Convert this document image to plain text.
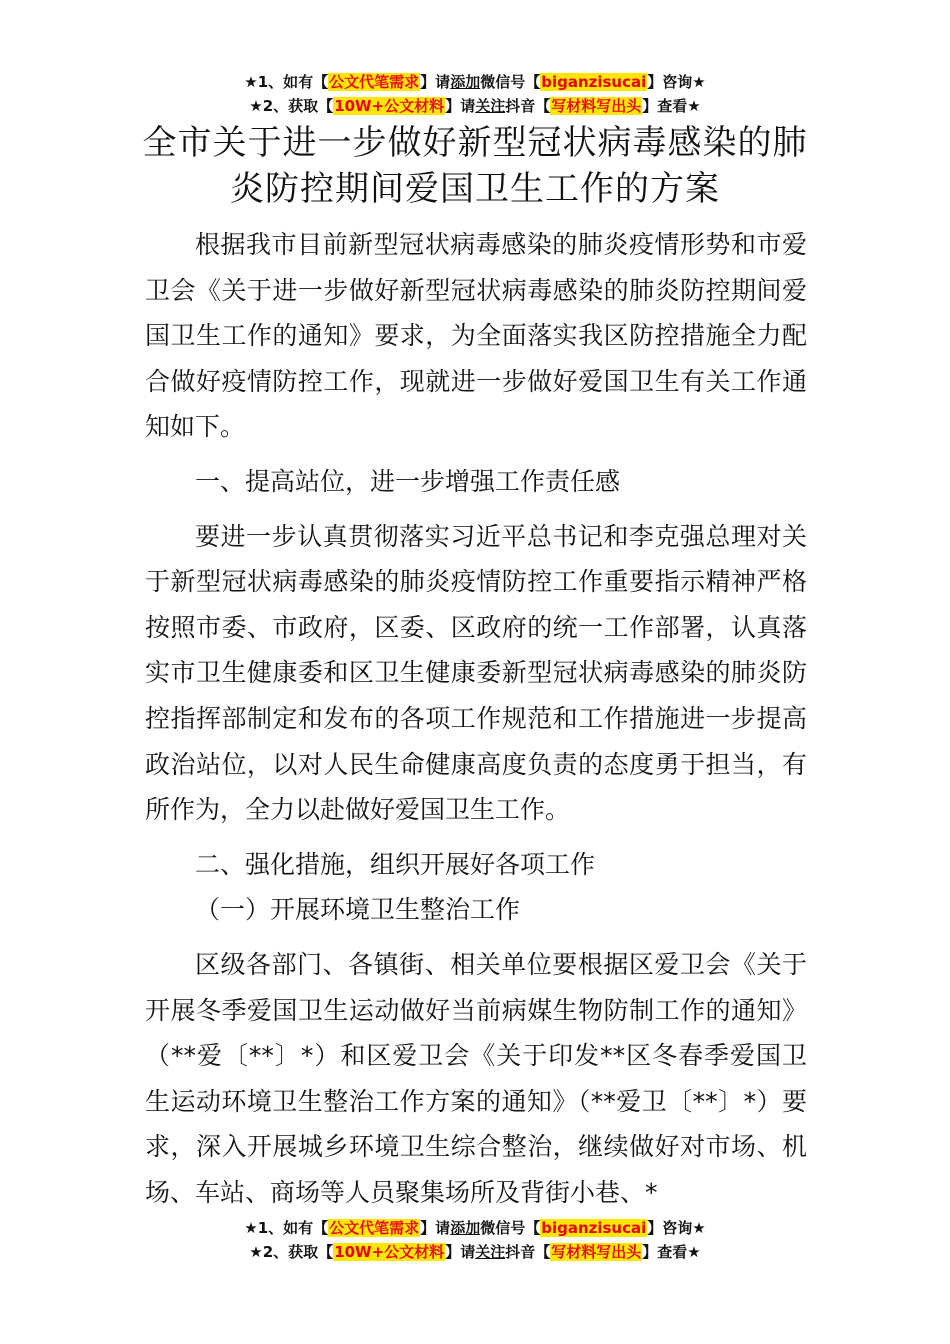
★1、如有【公文代笔需求】请添加微信号【biganzisucai】咨询★
★2、获取【10W+公文材料】请关注抖音【写材料写出头】查看★
全市关于进一步做好新型冠状病毒感染的肺炎防控期间爱国卫生工作的方案

根据我市目前新型冠状病毒感染的肺炎疫情形势和市爱卫会《关于进一步做好新型冠状病毒感染的肺炎防控期间爱国卫生工作的通知》要求，为全面落实我区防控措施全力配合做好疫情防控工作，现就进一步做好爱国卫生有关工作通知如下。

一、提高站位，进一步增强工作责任感

要进一步认真贯彻落实习近平总书记和李克强总理对关于新型冠状病毒感染的肺炎疫情防控工作重要指示精神严格按照市委、市政府，区委、区政府的统一工作部署，认真落实市卫生健康委和区卫生健康委新型冠状病毒感染的肺炎防控指挥部制定和发布的各项工作规范和工作措施进一步提高政治站位，以对人民生命健康高度负责的态度勇于担当，有所作为，全力以赴做好爱国卫生工作。

二、强化措施，组织开展好各项工作

（一）开展环境卫生整治工作

区级各部门、各镇街、相关单位要根据区爱卫会《关于开展冬季爱国卫生运动做好当前病媒生物防制工作的通知》（**爱〔**〕*）和区爱卫会《关于印发**区冬春季爱国卫生运动环境卫生整治工作方案的通知》（**爱卫〔**〕*）要求，深入开展城乡环境卫生综合整治，继续做好对市场、机场、车站、商场等人员聚集场所及背街小巷、*

★1、如有【公文代笔需求】请添加微信号【biganzisucai】咨询★
★2、获取【10W+公文材料】请关注抖音【写材料写出头】查看★
